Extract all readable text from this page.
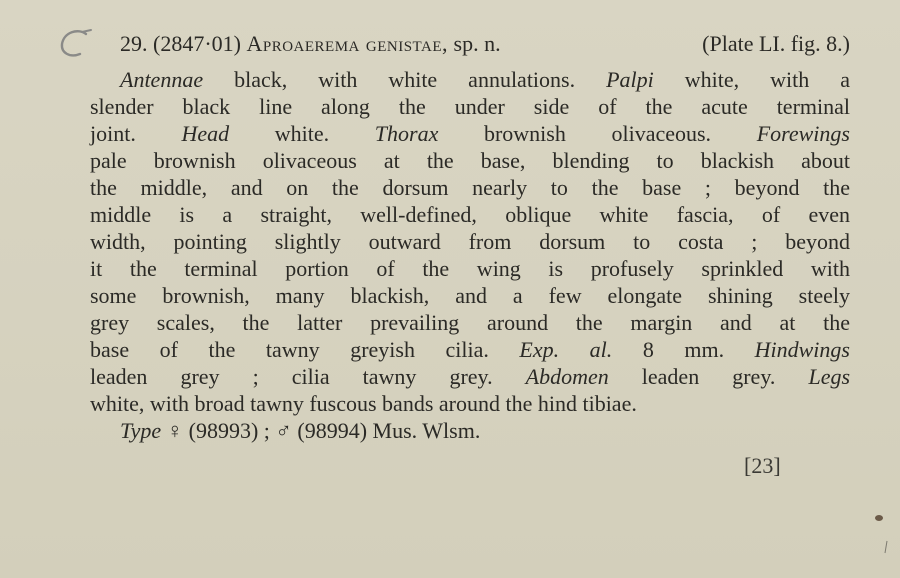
29. (2847·01) Aproaerema genistae, sp. n.	(Plate LI. fig. 8.)
Antennae black, with white annulations. Palpi white, with a
slender black line along the under side of the acute terminal
joint. Head white. Thorax brownish olivaceous. Forewings
pale brownish olivaceous at the base, blending to blackish about
the middle, and on the dorsum nearly to the base ; beyond the
middle is a straight, well-defined, oblique white fascia, of even
width, pointing slightly outward from dorsum to costa ; beyond
it the terminal portion of the wing is profusely sprinkled with
some brownish, many blackish, and a few elongate shining steely
grey scales, the latter prevailing around the margin and at the
base of the tawny greyish cilia. Exp. al. 8 mm. Hindwings
leaden grey ; cilia tawny grey. Abdomen leaden grey. Legs
white, with broad tawny fuscous bands around the hind tibiae.
Type ♀ (98993) ; ♂ (98994) Mus. Wlsm.
[23]
